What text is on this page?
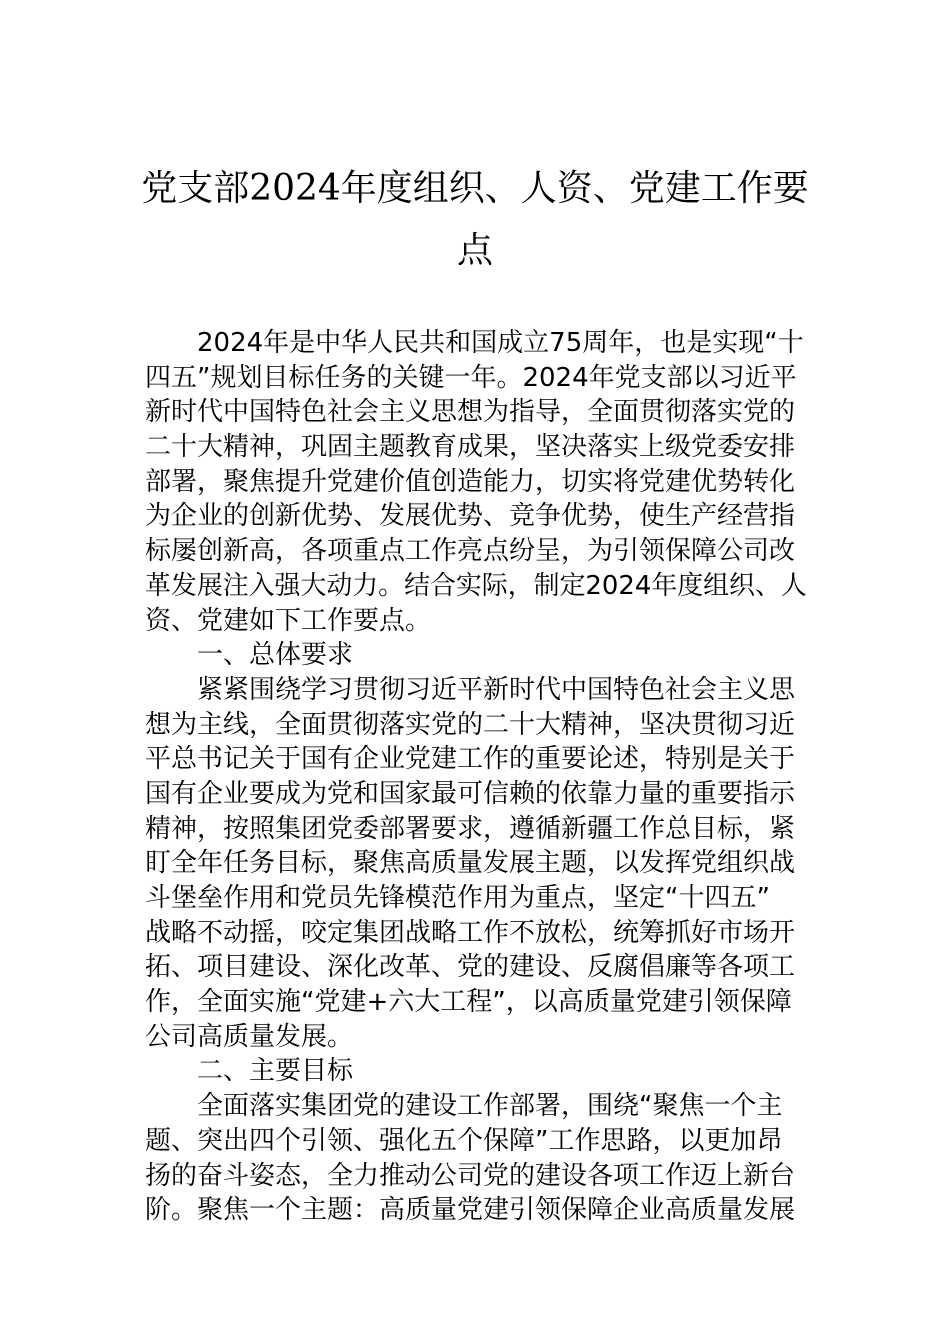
党支部2024年度组织、人资、党建工作要
点
2024年是中华人民共和国成立75周年，也是实现“十
四五”规划目标任务的关键一年。2024年党支部以习近平
新时代中国特色社会主义思想为指导，全面贯彻落实党的
二十大精神，巩固主题教育成果，坚决落实上级党委安排
部署，聚焦提升党建价值创造能力，切实将党建优势转化
为企业的创新优势、发展优势、竞争优势，使生产经营指
标屡创新高，各项重点工作亮点纷呈，为引领保障公司改
革发展注入强大动力。结合实际，制定2024年度组织、人
资、党建如下工作要点。
一、总体要求
紧紧围绕学习贯彻习近平新时代中国特色社会主义思
想为主线，全面贯彻落实党的二十大精神，坚决贯彻习近
平总书记关于国有企业党建工作的重要论述，特别是关于
国有企业要成为党和国家最可信赖的依靠力量的重要指示
精神，按照集团党委部署要求，遵循新疆工作总目标，紧
盯全年任务目标，聚焦高质量发展主题，以发挥党组织战
斗堡垒作用和党员先锋模范作用为重点，坚定“十四五”
战略不动摇，咬定集团战略工作不放松，统筹抓好市场开
拓、项目建设、深化改革、党的建设、反腐倡廉等各项工
作，全面实施“党建+六大工程”，以高质量党建引领保障
公司高质量发展。
二、主要目标
全面落实集团党的建设工作部署，围绕“聚焦一个主
题、突出四个引领、强化五个保障”工作思路，以更加昂
扬的奋斗姿态，全力推动公司党的建设各项工作迈上新台
阶。聚焦一个主题：高质量党建引领保障企业高质量发展
